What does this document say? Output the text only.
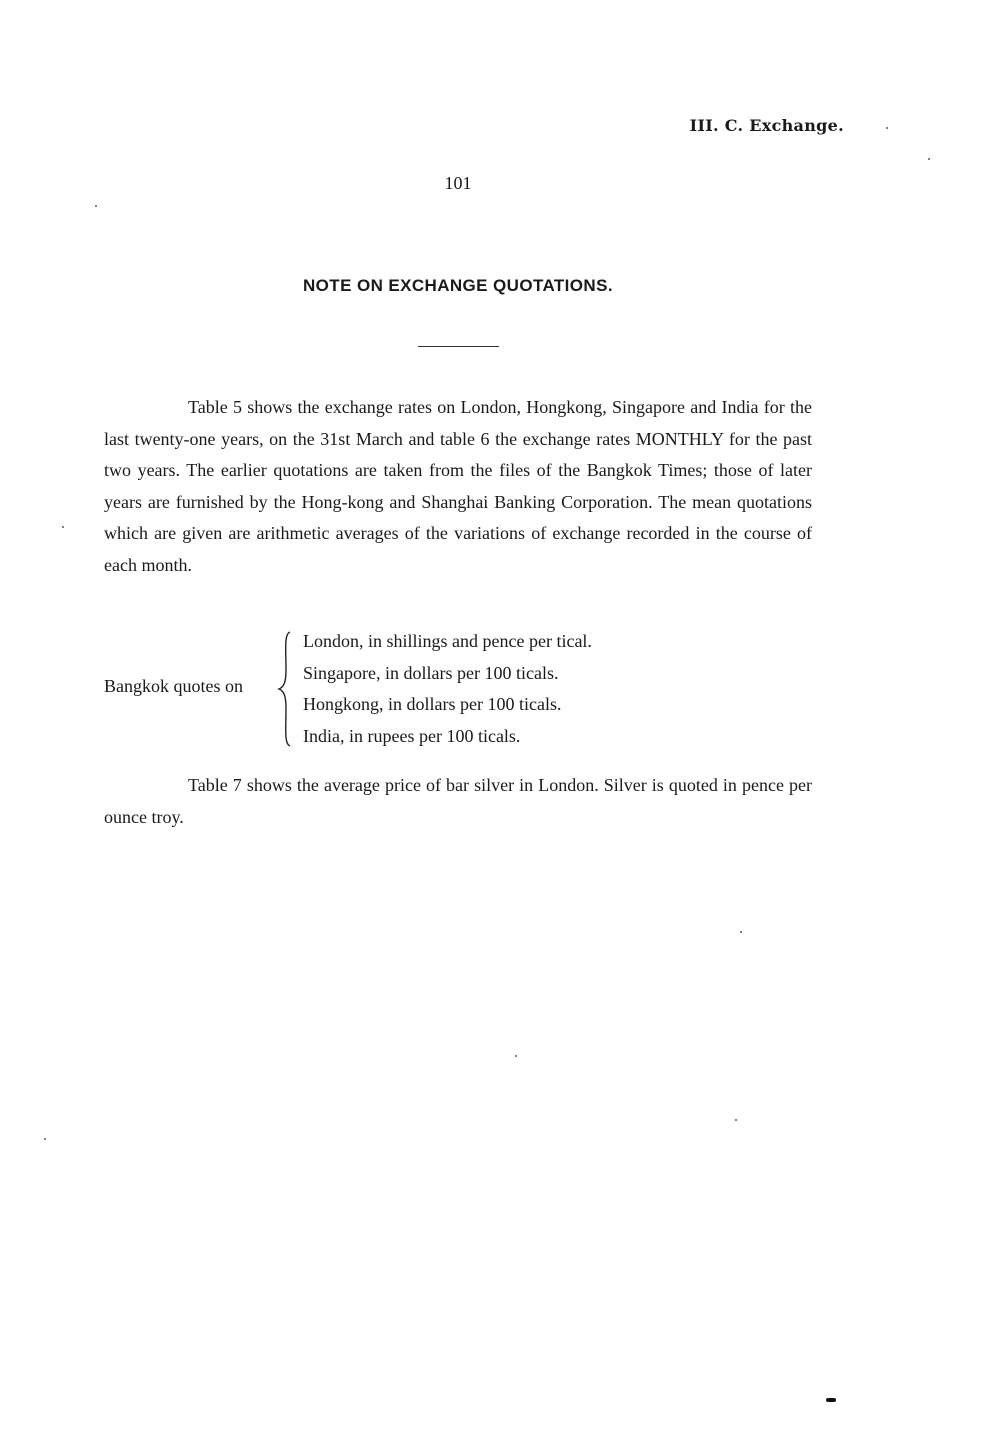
III. C. Exchange.
101
NOTE ON EXCHANGE QUOTATIONS.

Table 5 shows the exchange rates on London, Hongkong, Singapore and India for the last twenty-one years, on the 31st March and table 6 the exchange rates MONTHLY for the past two years. The earlier quotations are taken from the files of the Bangkok Times; those of later years are furnished by the Hong-kong and Shanghai Banking Corporation. The mean quotations which are given are arithmetic averages of the variations of exchange recorded in the course of each month.

Bangkok quotes on
London, in shillings and pence per tical.
Singapore, in dollars per 100 ticals.
Hongkong, in dollars per 100 ticals.
India, in rupees per 100 ticals.

Table 7 shows the average price of bar silver in London. Silver is quoted in pence per ounce troy.
